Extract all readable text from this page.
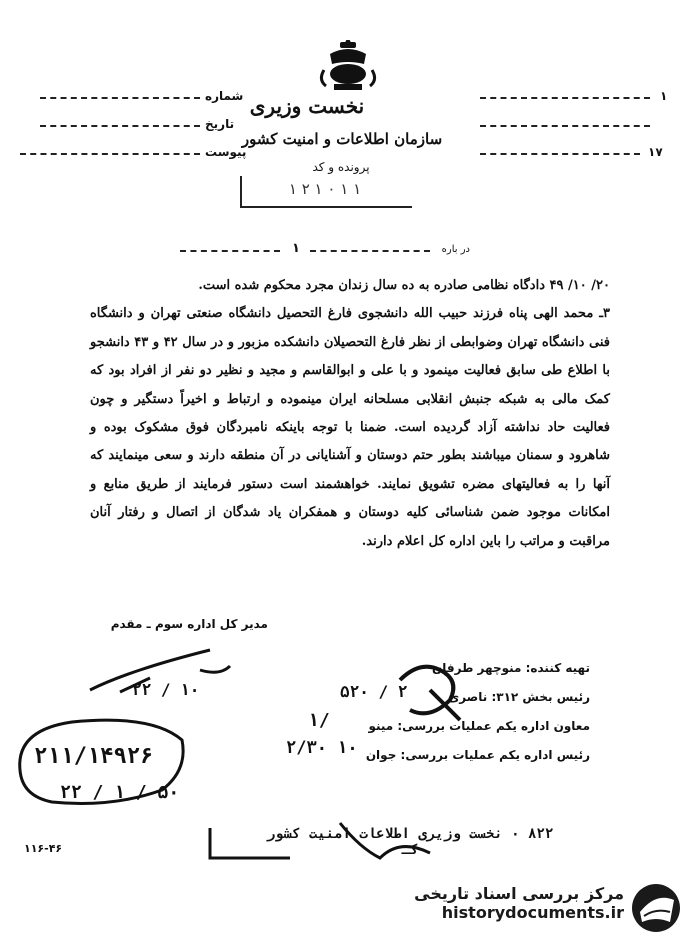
نخست وزیری
سازمان اطلاعات و امنیت کشور
پرونده و کد
۱ ۱ ۰ ۱ ۲ ۱
شماره
تاریخ
پیوست
۱
۱۷
۱	در باره

۲۰/ ۱۰/ ۴۹ دادگاه نظامی صادره به ده سال زندان مجرد محکوم شده است.

۳ـ محمد الهی پناه فرزند حبیب الله دانشجوی فارغ التحصیل دانشگاه صنعتی تهران و دانشگاه فنی دانشگاه تهران وضوابطی از نظر فارغ التحصیلان دانشکده مزبور و در سال ۴۲ و ۴۳ دانشجو با اطلاع طی سابق فعالیت مینمود و با علی و ابوالقاسم و مجید و نظیر دو نفر از افراد بود که کمک مالی به شبکه جنبش انقلابی مسلحانه ایران مینموده و ارتباط و اخیراً دستگیر و چون فعالیت حاد نداشته آزاد گردیده است. ضمنا با توجه باینکه نامبردگان فوق مشکوک بوده و شاهرود و سمنان میباشند بطور حتم دوستان و آشنایانی در آن منطقه دارند و سعی مینمایند که آنها را به فعالیتهای مضره تشویق نمایند. خواهشمند است دستور فرمایند از طریق منابع و امکانات موجود ضمن شناسائی کلیه دوستان و همفکران یاد شدگان از اتصال و رفتار آنان مراقبت و مراتب را باین اداره کل اعلام دارند.

مدیر کل اداره سوم ـ مقدم
تهیه کننده: منوچهر طرفان
رئیس بخش ۳۱۲: ناصری
معاون اداره یکم عملیات بررسی: مینو
رئیس اداره یکم عملیات بررسی: جوان
۲۲ / ۱۰	۵۲۰ / ۲
۱/
۲/۳۰ ۱۰
۲۱۱/۱۴۹۲۶
۲۲ / ۱ / ۵۰
۸۲۲ ۰ نخست وزیری اطلاعات امنیت کشور کـ
۱۱۶-۴۶
مرکز بررسی اسناد تاریخی
historydocuments.ir
